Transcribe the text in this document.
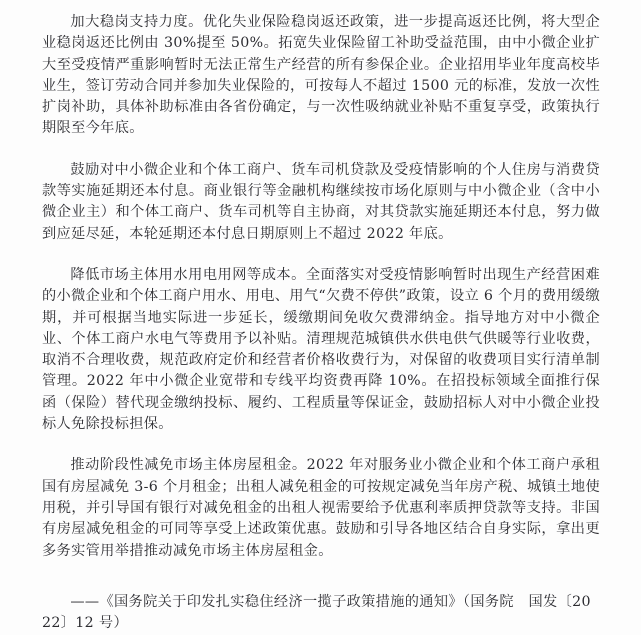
加大稳岗支持力度。优化失业保险稳岗返还政策，进一步提高返还比例，将大型企业稳岗返还比例由 30%提至 50%。拓宽失业保险留工补助受益范围，由中小微企业扩大至受疫情严重影响暂时无法正常生产经营的所有参保企业。企业招用毕业年度高校毕业生，签订劳动合同并参加失业保险的，可按每人不超过 1500 元的标准，发放一次性扩岗补助，具体补助标准由各省份确定，与一次性吸纳就业补贴不重复享受，政策执行期限至今年底。

鼓励对中小微企业和个体工商户、货车司机贷款及受疫情影响的个人住房与消费贷款等实施延期还本付息。商业银行等金融机构继续按市场化原则与中小微企业（含中小微企业主）和个体工商户、货车司机等自主协商，对其贷款实施延期还本付息，努力做到应延尽延，本轮延期还本付息日期原则上不超过 2022 年底。

降低市场主体用水用电用网等成本。全面落实对受疫情影响暂时出现生产经营困难的小微企业和个体工商户用水、用电、用气“欠费不停供”政策，设立 6 个月的费用缓缴期，并可根据当地实际进一步延长，缓缴期间免收欠费滞纳金。指导地方对中小微企业、个体工商户水电气等费用予以补贴。清理规范城镇供水供电供气供暖等行业收费，取消不合理收费，规范政府定价和经营者价格收费行为，对保留的收费项目实行清单制管理。2022 年中小微企业宽带和专线平均资费再降 10%。在招投标领域全面推行保函（保险）替代现金缴纳投标、履约、工程质量等保证金，鼓励招标人对中小微企业投标人免除投标担保。

推动阶段性减免市场主体房屋租金。2022 年对服务业小微企业和个体工商户承租国有房屋减免 3-6 个月租金；出租人减免租金的可按规定减免当年房产税、城镇土地使用税，并引导国有银行对减免租金的出租人视需要给予优惠利率质押贷款等支持。非国有房屋减免租金的可同等享受上述政策优惠。鼓励和引导各地区结合自身实际，拿出更多务实管用举措推动减免市场主体房屋租金。

——《国务院关于印发扎实稳住经济一揽子政策措施的通知》（国务院　国发〔2022〕12 号）
